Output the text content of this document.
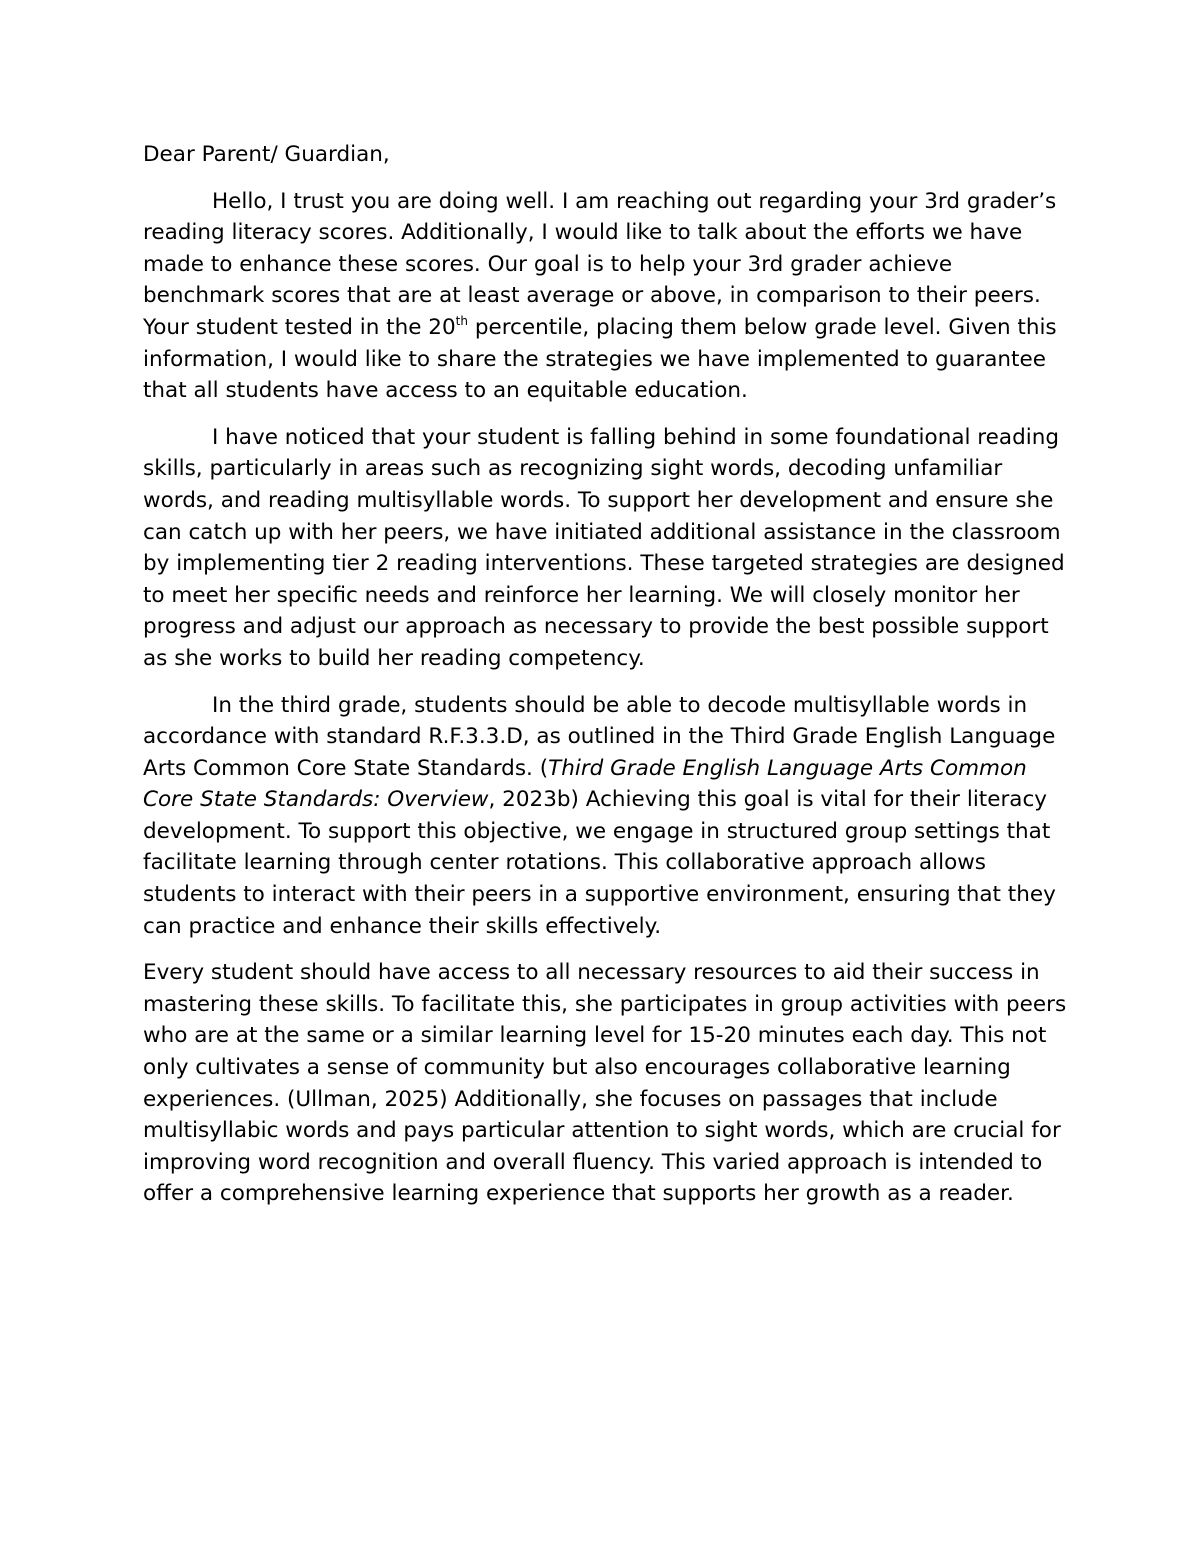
Dear Parent/ Guardian,

Hello, I trust you are doing well. I am reaching out regarding your 3rd grader’s reading literacy scores. Additionally, I would like to talk about the efforts we have made to enhance these scores. Our goal is to help your 3rd grader achieve benchmark scores that are at least average or above, in comparison to their peers. Your student tested in the 20th percentile, placing them below grade level. Given this information, I would like to share the strategies we have implemented to guarantee that all students have access to an equitable education.

I have noticed that your student is falling behind in some foundational reading skills, particularly in areas such as recognizing sight words, decoding unfamiliar words, and reading multisyllable words. To support her development and ensure she can catch up with her peers, we have initiated additional assistance in the classroom by implementing tier 2 reading interventions. These targeted strategies are designed to meet her specific needs and reinforce her learning. We will closely monitor her progress and adjust our approach as necessary to provide the best possible support as she works to build her reading competency.

In the third grade, students should be able to decode multisyllable words in accordance with standard R.F.3.3.D, as outlined in the Third Grade English Language Arts Common Core State Standards. (Third Grade English Language Arts Common Core State Standards: Overview, 2023b) Achieving this goal is vital for their literacy development. To support this objective, we engage in structured group settings that facilitate learning through center rotations. This collaborative approach allows students to interact with their peers in a supportive environment, ensuring that they can practice and enhance their skills effectively.

Every student should have access to all necessary resources to aid their success in mastering these skills. To facilitate this, she participates in group activities with peers who are at the same or a similar learning level for 15-20 minutes each day. This not only cultivates a sense of community but also encourages collaborative learning experiences. (Ullman, 2025) Additionally, she focuses on passages that include multisyllabic words and pays particular attention to sight words, which are crucial for improving word recognition and overall fluency. This varied approach is intended to offer a comprehensive learning experience that supports her growth as a reader.
